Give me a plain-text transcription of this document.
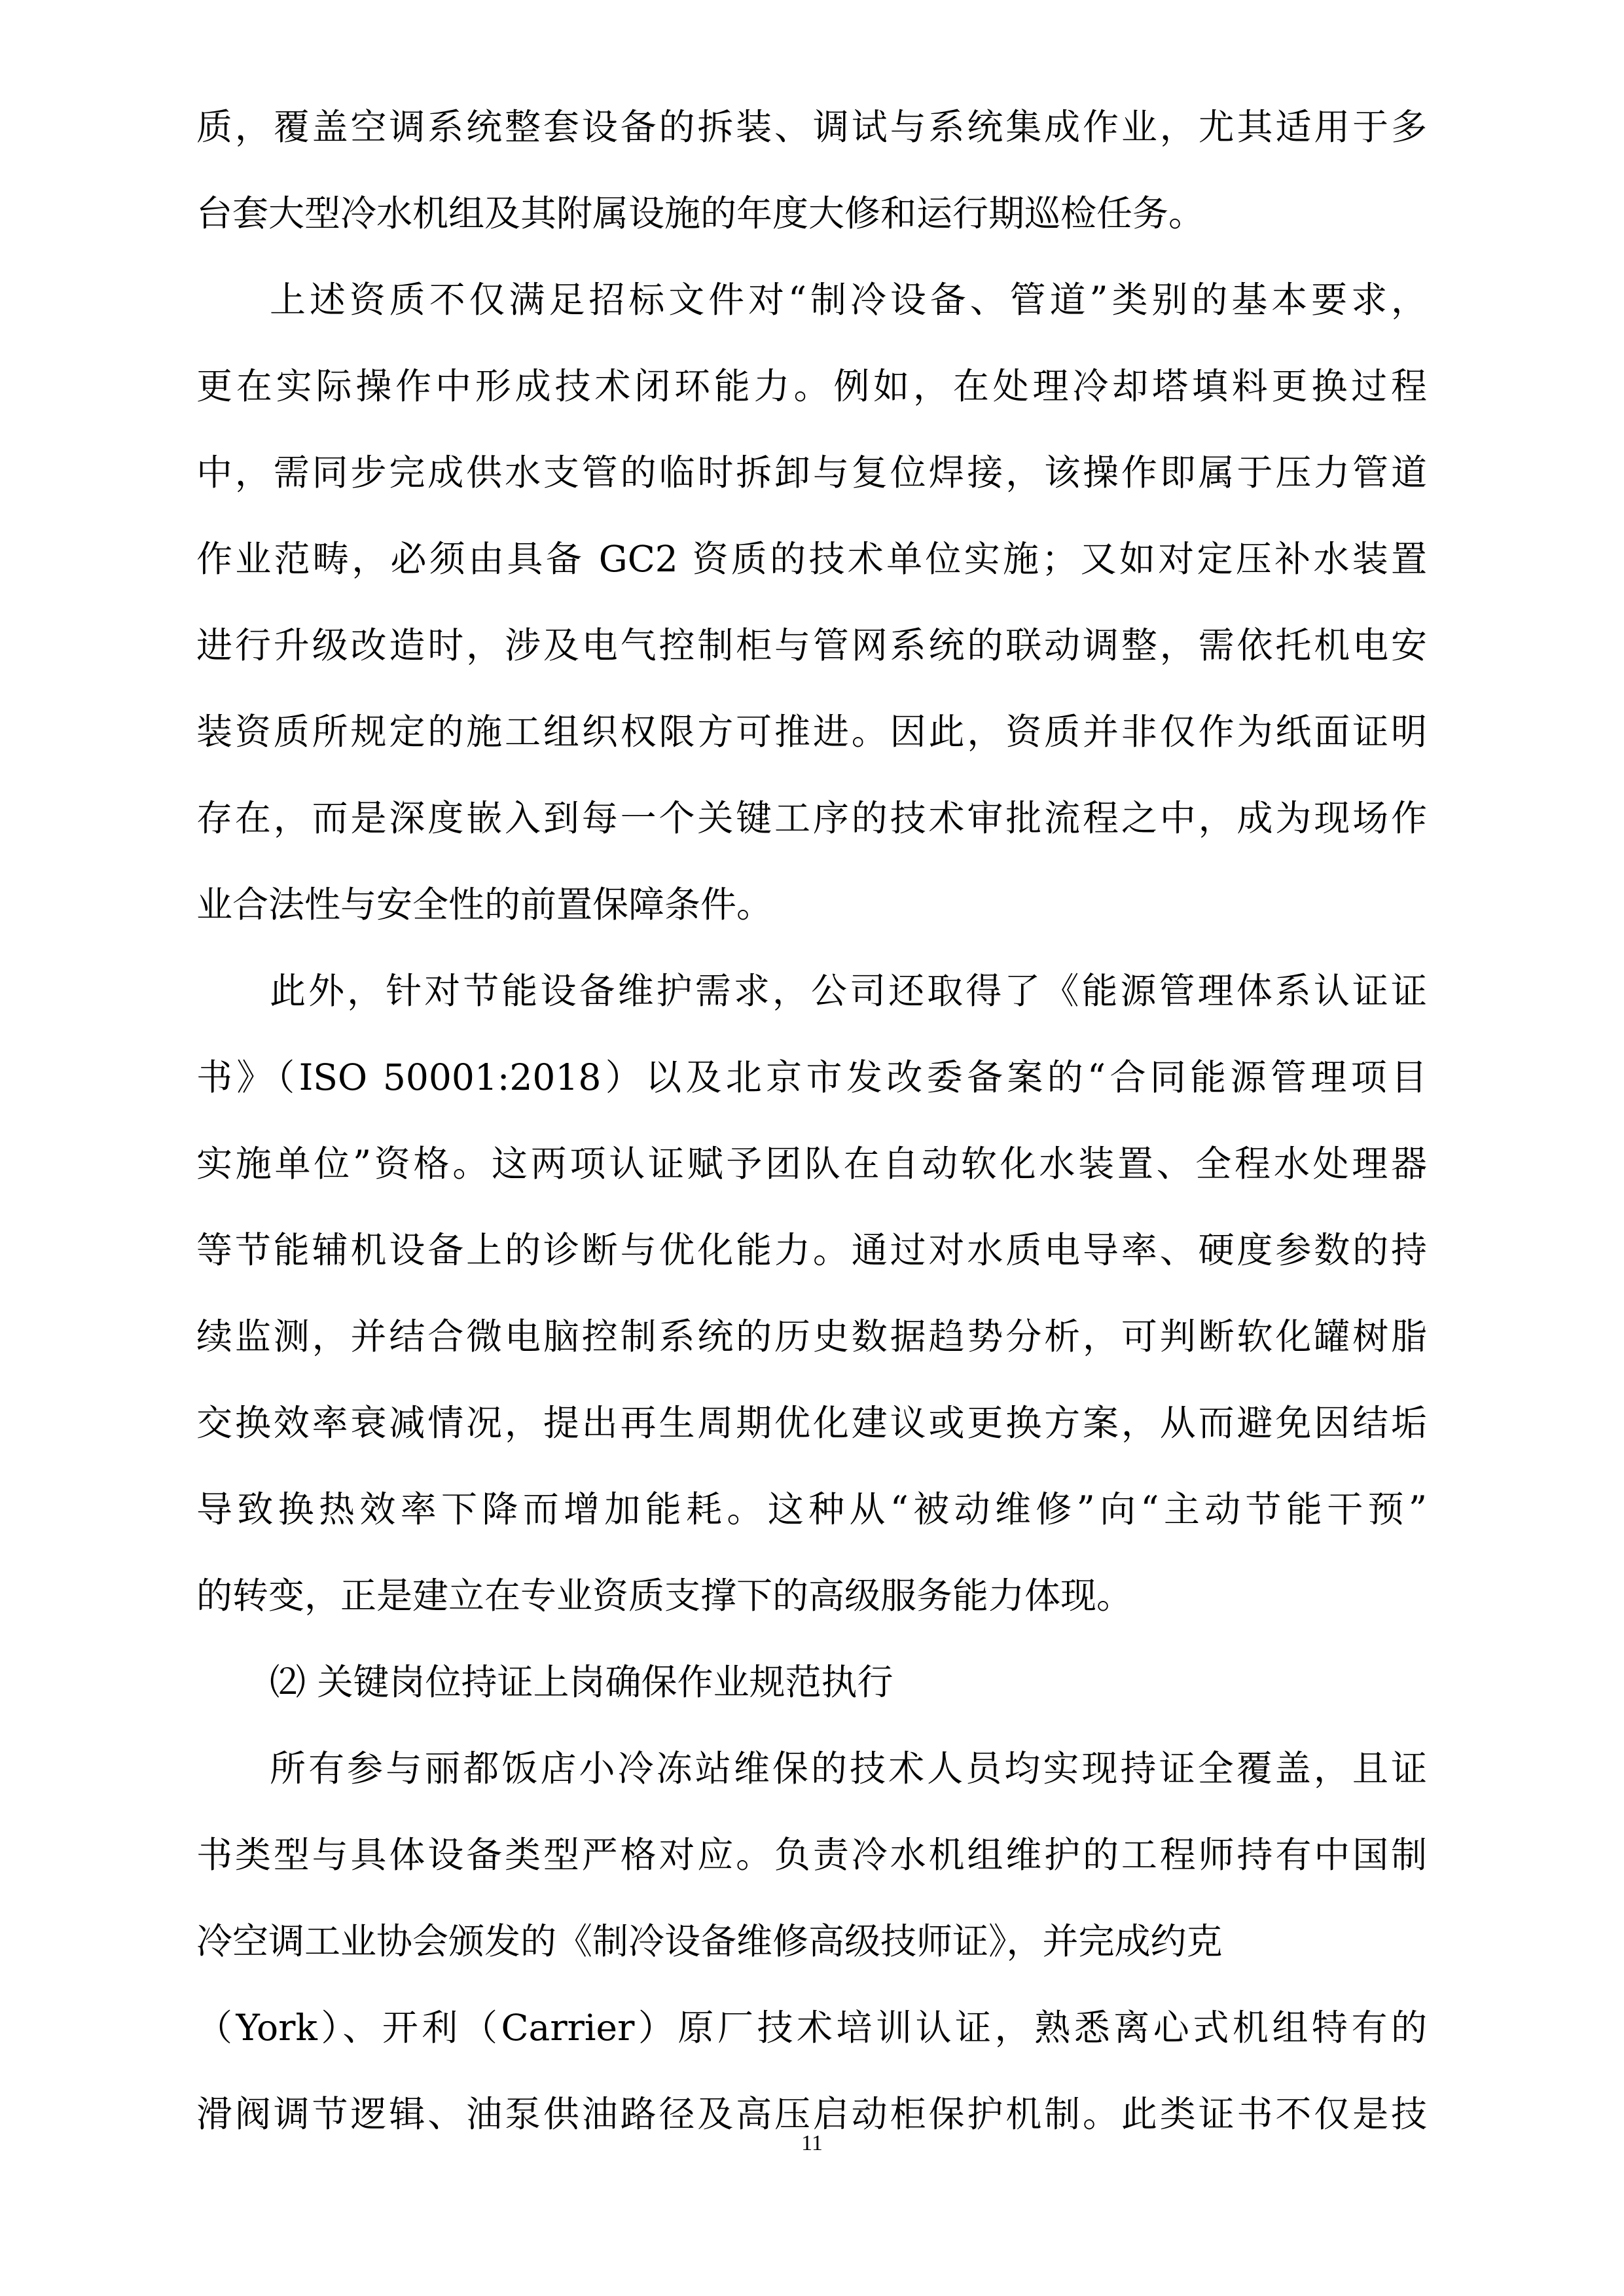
质，覆盖空调系统整套设备的拆装、调试与系统集成作业，尤其适用于多
台套大型冷水机组及其附属设施的年度大修和运行期巡检任务。
上述资质不仅满足招标文件对“制冷设备、管道”类别的基本要求，
更在实际操作中形成技术闭环能力。例如，在处理冷却塔填料更换过程
中，需同步完成供水支管的临时拆卸与复位焊接，该操作即属于压力管道
作业范畴，必须由具备 GC2 资质的技术单位实施；又如对定压补水装置
进行升级改造时，涉及电气控制柜与管网系统的联动调整，需依托机电安
装资质所规定的施工组织权限方可推进。因此，资质并非仅作为纸面证明
存在，而是深度嵌入到每一个关键工序的技术审批流程之中，成为现场作
业合法性与安全性的前置保障条件。
此外，针对节能设备维护需求，公司还取得了《能源管理体系认证证
书》（ISO 50001:2018）以及北京市发改委备案的“合同能源管理项目
实施单位”资格。这两项认证赋予团队在自动软化水装置、全程水处理器
等节能辅机设备上的诊断与优化能力。通过对水质电导率、硬度参数的持
续监测，并结合微电脑控制系统的历史数据趋势分析，可判断软化罐树脂
交换效率衰减情况，提出再生周期优化建议或更换方案，从而避免因结垢
导致换热效率下降而增加能耗。这种从“被动维修”向“主动节能干预”
的转变，正是建立在专业资质支撑下的高级服务能力体现。
⑵ 关键岗位持证上岗确保作业规范执行
所有参与丽都饭店小冷冻站维保的技术人员均实现持证全覆盖，且证
书类型与具体设备类型严格对应。负责冷水机组维护的工程师持有中国制
冷空调工业协会颁发的《制冷设备维修高级技师证》，并完成约克
（York）、开利（Carrier）原厂技术培训认证，熟悉离心式机组特有的
滑阀调节逻辑、油泵供油路径及高压启动柜保护机制。此类证书不仅是技
11
